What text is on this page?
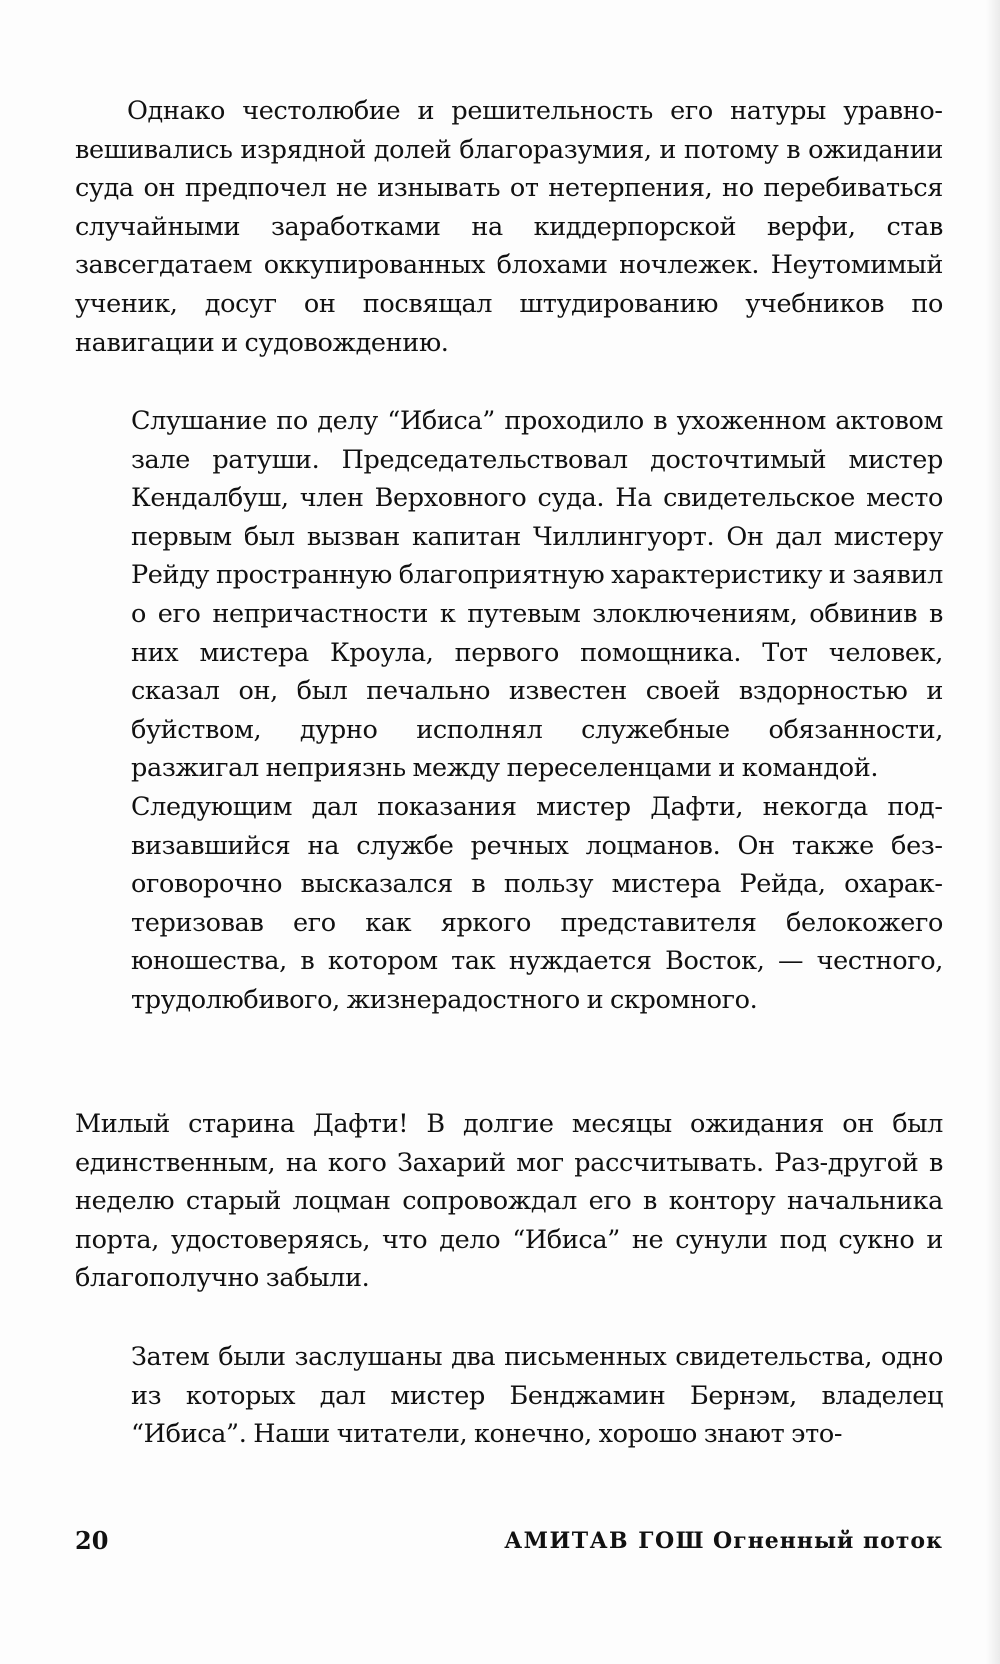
Однако честолюбие и решительность его натуры уравновешивались изрядной долей благоразумия, и потому в ожидании суда он предпочел не изнывать от нетерпения, но перебиваться случайными заработками на киддерпорской верфи, став завсегдатаем оккупированных блохами ночлежек. Неутомимый ученик, досуг он посвящал штудированию учебников по навигации и судовождению.

Слушание по делу “Ибиса” проходило в ухоженном актовом зале ратуши. Председательствовал досточтимый мистер Кендалбуш, член Верховного суда. На свидетельское место первым был вызван капитан Чиллингуорт. Он дал мистеру Рейду пространную благоприятную характеристику и заявил о его непричастности к путевым злоключениям, обвинив в них мистера Кроула, первого помощника. Тот человек, сказал он, был печально известен своей вздорностью и буйством, дурно исполнял служебные обязанности, разжигал неприязнь между переселенцами и командой.

Следующим дал показания мистер Дафти, некогда подвизавшийся на службе речных лоцманов. Он также безоговорочно высказался в пользу мистера Рейда, охарактеризовав его как яркого представителя белокожего юношества, в котором так нуждается Восток, — честного, трудолюбивого, жизнерадостного и скромного.

Милый старина Дафти! В долгие месяцы ожидания он был единственным, на кого Захарий мог рассчитывать. Раз-другой в неделю старый лоцман сопровождал его в контору начальника порта, удостоверяясь, что дело “Ибиса” не сунули под сукно и благополучно забыли.

Затем были заслушаны два письменных свидетельства, одно из которых дал мистер Бенджамин Бернэм, владелец “Ибиса”. Наши читатели, конечно, хорошо знают это-

20	АМИТАВ ГОШ Огненный поток
